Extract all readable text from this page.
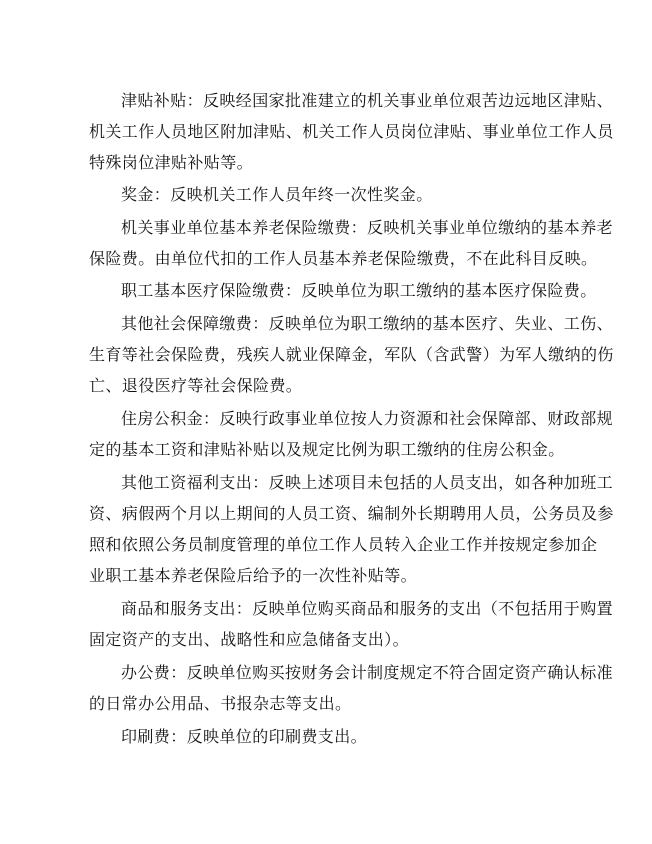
津贴补贴：反映经国家批准建立的机关事业单位艰苦边远地区津贴、
机关工作人员地区附加津贴、机关工作人员岗位津贴、事业单位工作人员
特殊岗位津贴补贴等。
奖金：反映机关工作人员年终一次性奖金。
机关事业单位基本养老保险缴费：反映机关事业单位缴纳的基本养老
保险费。由单位代扣的工作人员基本养老保险缴费，不在此科目反映。
职工基本医疗保险缴费：反映单位为职工缴纳的基本医疗保险费。
其他社会保障缴费：反映单位为职工缴纳的基本医疗、失业、工伤、
生育等社会保险费，残疾人就业保障金，军队（含武警）为军人缴纳的伤
亡、退役医疗等社会保险费。
住房公积金：反映行政事业单位按人力资源和社会保障部、财政部规
定的基本工资和津贴补贴以及规定比例为职工缴纳的住房公积金。
其他工资福利支出：反映上述项目未包括的人员支出，如各种加班工
资、病假两个月以上期间的人员工资、编制外长期聘用人员，公务员及参
照和依照公务员制度管理的单位工作人员转入企业工作并按规定参加企
业职工基本养老保险后给予的一次性补贴等。
商品和服务支出：反映单位购买商品和服务的支出（不包括用于购置
固定资产的支出、战略性和应急储备支出）。
办公费：反映单位购买按财务会计制度规定不符合固定资产确认标准
的日常办公用品、书报杂志等支出。
印刷费：反映单位的印刷费支出。
